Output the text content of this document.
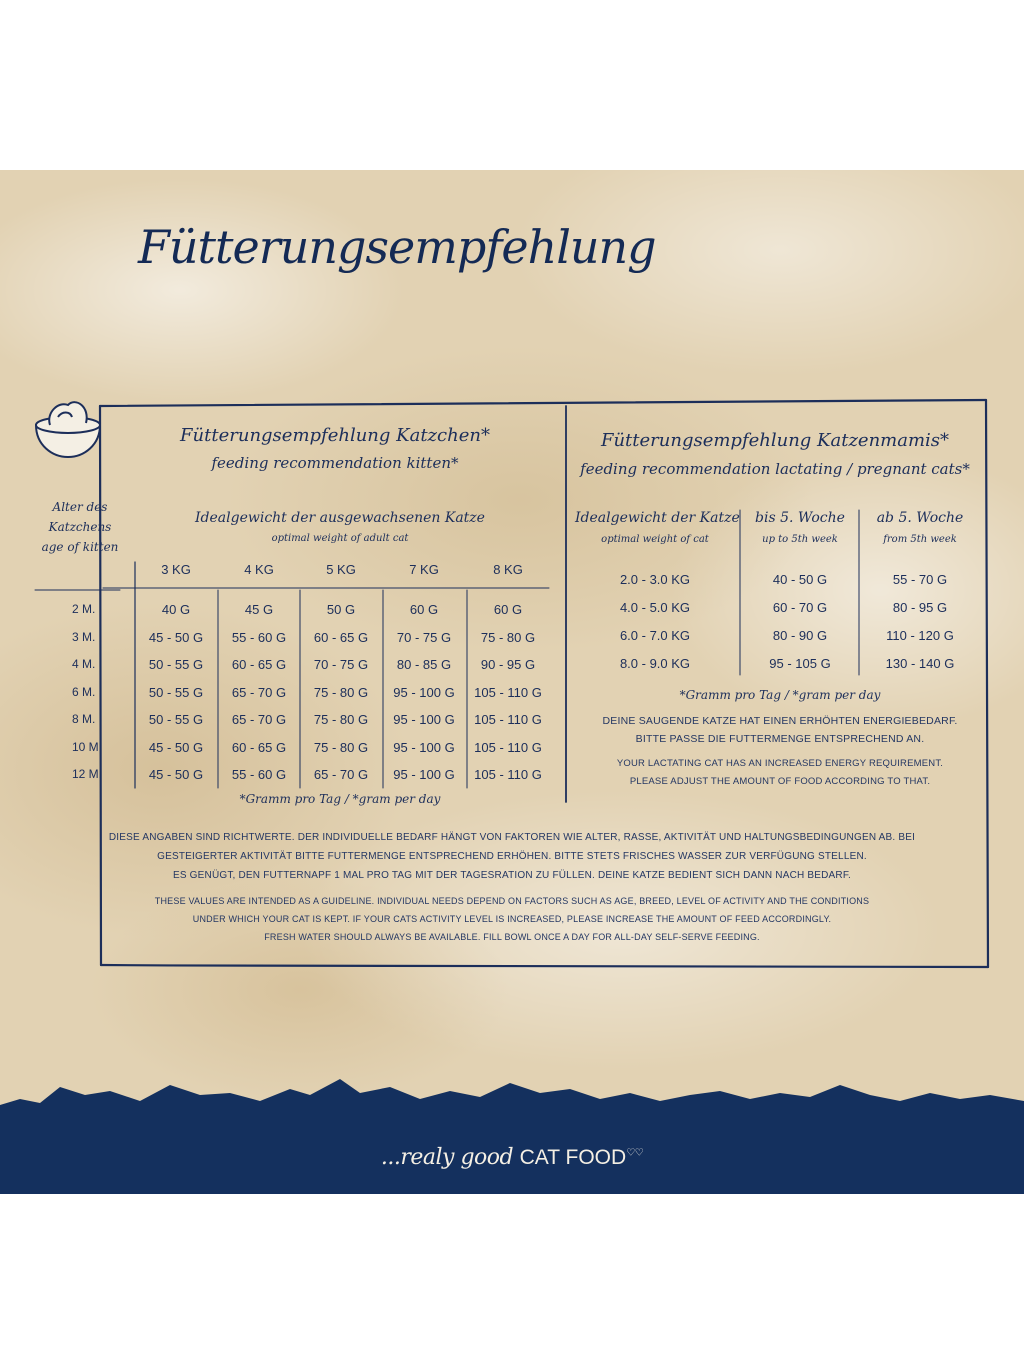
Fütterungsempfehlung
Fütterungsempfehlung Katzchen*
feeding recommendation kitten*
Alter des
Katzchens
age of kitten
Idealgewicht der ausgewachsenen Katze
optimal weight of adult cat
3 KG	4 KG	5 KG	7 KG	8 KG
2 M.	40 G	45 G	50 G	60 G	60 G
3 M.	45 - 50 G	55 - 60 G	60 - 65 G	70 - 75 G	75 - 80 G
4 M.	50 - 55 G	60 - 65 G	70 - 75 G	80 - 85 G	90 - 95 G
6 M.	50 - 55 G	65 - 70 G	75 - 80 G	95 - 100 G	105 - 110 G
8 M.	50 - 55 G	65 - 70 G	75 - 80 G	95 - 100 G	105 - 110 G
10 M.	45 - 50 G	60 - 65 G	75 - 80 G	95 - 100 G	105 - 110 G
12 M.	45 - 50 G	55 - 60 G	65 - 70 G	95 - 100 G	105 - 110 G
*Gramm pro Tag / *gram per day
Fütterungsempfehlung Katzenmamis*
feeding recommendation lactating / pregnant cats*
Idealgewicht der Katze
optimal weight of cat
bis 5. Woche
up to 5th week
ab 5. Woche
from 5th week
2.0 - 3.0 KG	40 - 50 G	55 - 70 G
4.0 - 5.0 KG	60 - 70 G	80 - 95 G
6.0 - 7.0 KG	80 - 90 G	110 - 120 G
8.0 - 9.0 KG	95 - 105 G	130 - 140 G
*Gramm pro Tag / *gram per day
DEINE SAUGENDE KATZE HAT EINEN ERHÖHTEN ENERGIEBEDARF.
BITTE PASSE DIE FUTTERMENGE ENTSPRECHEND AN.
YOUR LACTATING CAT HAS AN INCREASED ENERGY REQUIREMENT.
PLEASE ADJUST THE AMOUNT OF FOOD ACCORDING TO THAT.
DIESE ANGABEN SIND RICHTWERTE. DER INDIVIDUELLE BEDARF HÄNGT VON FAKTOREN WIE ALTER, RASSE, AKTIVITÄT UND HALTUNGSBEDINGUNGEN AB. BEI
GESTEIGERTER AKTIVITÄT BITTE FUTTERMENGE ENTSPRECHEND ERHÖHEN. BITTE STETS FRISCHES WASSER ZUR VERFÜGUNG STELLEN.
ES GENÜGT, DEN FUTTERNAPF 1 MAL PRO TAG MIT DER TAGESRATION ZU FÜLLEN. DEINE KATZE BEDIENT SICH DANN NACH BEDARF.
THESE VALUES ARE INTENDED AS A GUIDELINE. INDIVIDUAL NEEDS DEPEND ON FACTORS SUCH AS AGE, BREED, LEVEL OF ACTIVITY AND THE CONDITIONS
UNDER WHICH YOUR CAT IS KEPT. IF YOUR CATS ACTIVITY LEVEL IS INCREASED, PLEASE INCREASE THE AMOUNT OF FEED ACCORDINGLY.
FRESH WATER SHOULD ALWAYS BE AVAILABLE. FILL BOWL ONCE A DAY FOR ALL-DAY SELF-SERVE FEEDING.
...realy good CAT FOOD♡♡
